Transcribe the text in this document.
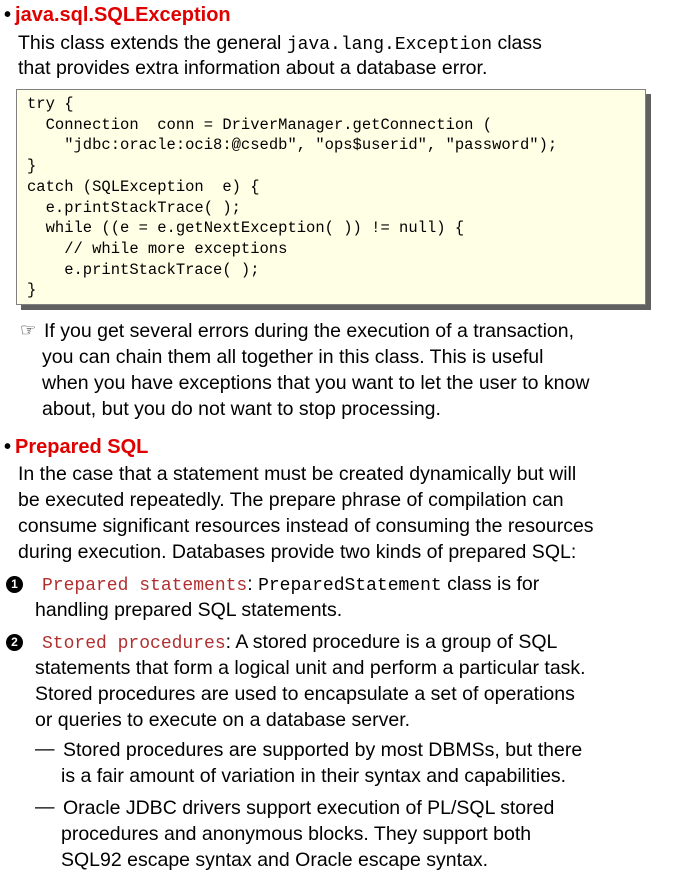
• java.sql.SQLException

This class extends the general java.lang.Exception class

that provides extra information about a database error.

try {
Connection  conn = DriverManager.getConnection (
"jdbc:oracle:oci8:@csedb", "ops$userid", "password");
}
catch (SQLException  e) {
e.printStackTrace( );
while ((e = e.getNextException( )) != null) {
// while more exceptions
e.printStackTrace( );
}
☞ If you get several errors during the execution of a transaction,

you can chain them all together in this class. This is useful

when you have exceptions that you want to let the user to know

about, but you do not want to stop processing.

• Prepared SQL

In the case that a statement must be created dynamically but will

be executed repeatedly. The prepare phrase of compilation can

consume significant resources instead of consuming the resources

during execution. Databases provide two kinds of prepared SQL:

1 Prepared statements: PreparedStatement class is for

handling prepared SQL statements.

2 Stored procedures: A stored procedure is a group of SQL

statements that form a logical unit and perform a particular task.

Stored procedures are used to encapsulate a set of operations

or queries to execute on a database server.

— Stored procedures are supported by most DBMSs, but there

is a fair amount of variation in their syntax and capabilities.

— Oracle JDBC drivers support execution of PL/SQL stored

procedures and anonymous blocks. They support both

SQL92 escape syntax and Oracle escape syntax.
